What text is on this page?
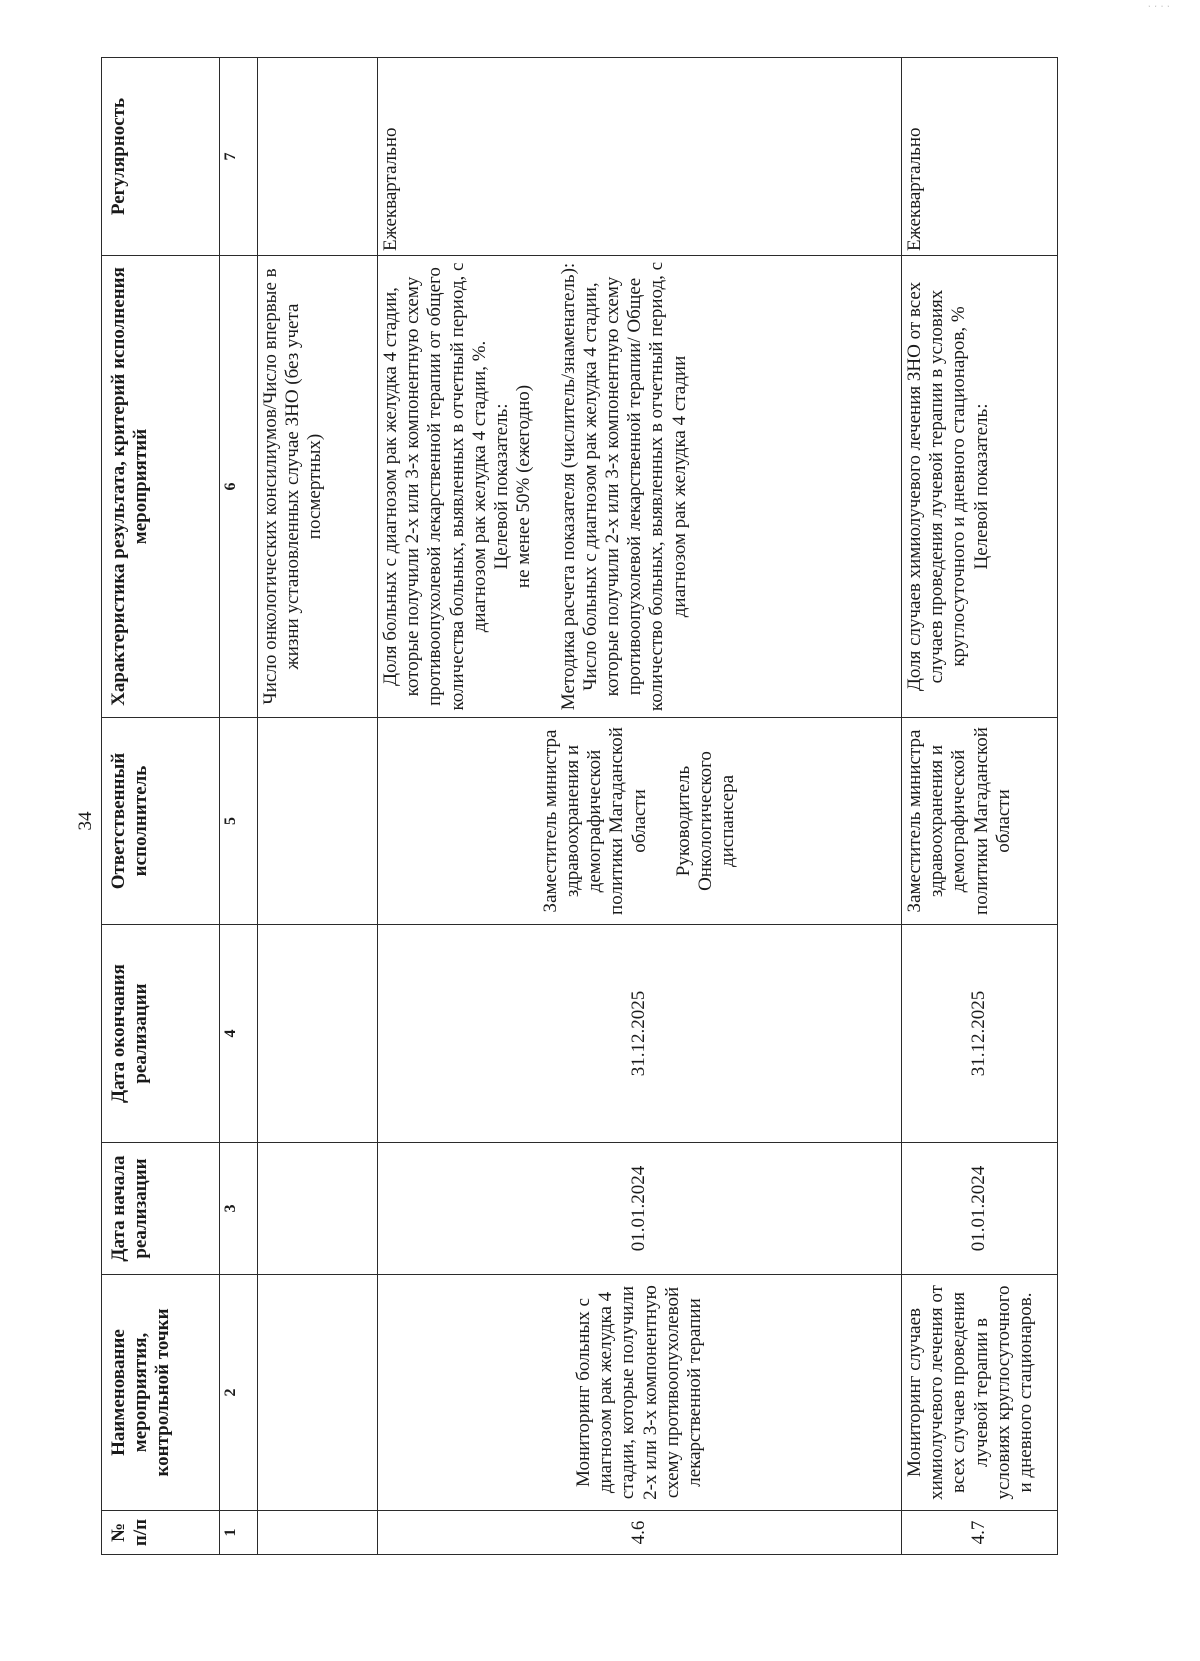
ˑ ˑ ˑ ˑ
34
№ п/п	Наименование мероприятия, контрольной точки	Дата начала реализации	Дата окончания реализации	Ответственный исполнитель	Характеристика результата, критерий исполнения мероприятий	Регулярность
1	2	3	4	5	6	7
					Число онкологических консилиумов/Число впервые в жизни установленных случае ЗНО (без учета посмертных)	
4.6	Мониторинг больных с диагнозом рак желудка 4 стадии, которые получили 2-х или 3-х компонентную схему противоопухолевой лекарственной терапии	01.01.2024	31.12.2025	Заместитель министра здравоохранения и демографической политики Магаданской области Руководитель Онкологического диспансера	Доля больных с диагнозом рак желудка 4 стадии, которые получили 2-х или 3-х компонентную схему противоопухолевой лекарственной терапии от общего количества больных, выявленных в отчетный период, с диагнозом рак желудка 4 стадии, %.
Целевой показатель:
не менее 50% (ежегодно) Методика расчета показателя (числитель/знаменатель):
Число больных с диагнозом рак желудка 4 стадии, которые получили 2-х или 3-х компонентную схему противоопухолевой лекарственной терапии/ Общее количество больных, выявленных в отчетный период, с диагнозом рак желудка 4 стадии	Ежеквартально
4.7	Мониторинг случаев химиолучевого лечения от всех случаев проведения лучевой терапии в условиях круглосуточного и дневного стационаров.	01.01.2024	31.12.2025	Заместитель министра здравоохранения и демографической политики Магаданской области	Доля случаев химиолучевого лечения ЗНО от всех случаев проведения лучевой терапии в условиях круглосуточного и дневного стационаров, %
Целевой показатель:	Ежеквартально
